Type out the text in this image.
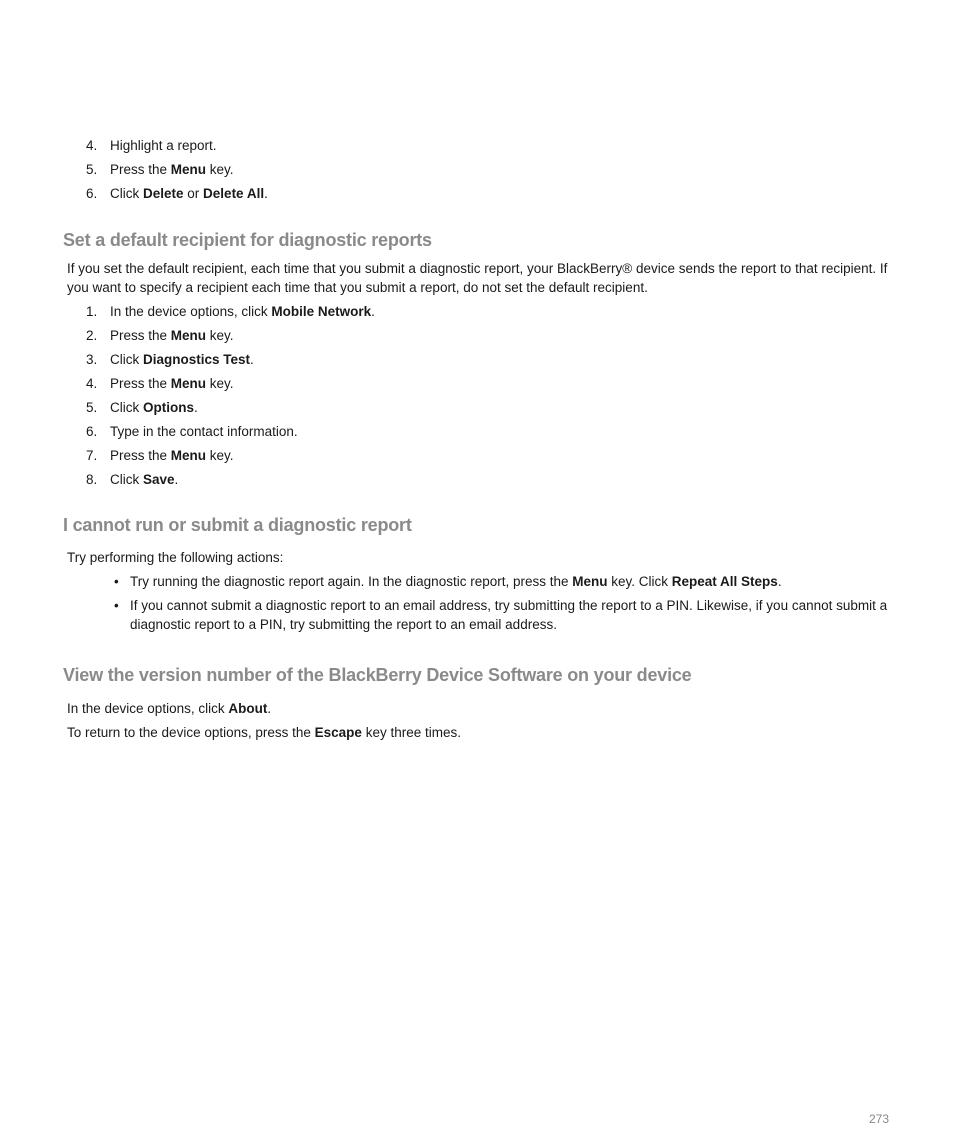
4. Highlight a report.
5. Press the Menu key.
6. Click Delete or Delete All.
Set a default recipient for diagnostic reports

If you set the default recipient, each time that you submit a diagnostic report, your BlackBerry® device sends the report to that recipient. If you want to specify a recipient each time that you submit a report, do not set the default recipient.

1. In the device options, click Mobile Network.
2. Press the Menu key.
3. Click Diagnostics Test.
4. Press the Menu key.
5. Click Options.
6. Type in the contact information.
7. Press the Menu key.
8. Click Save.
I cannot run or submit a diagnostic report

Try performing the following actions:

• Try running the diagnostic report again. In the diagnostic report, press the Menu key. Click Repeat All Steps.
• If you cannot submit a diagnostic report to an email address, try submitting the report to a PIN. Likewise, if you cannot submit a diagnostic report to a PIN, try submitting the report to an email address.
View the version number of the BlackBerry Device Software on your device

In the device options, click About.

To return to the device options, press the Escape key three times.

273
